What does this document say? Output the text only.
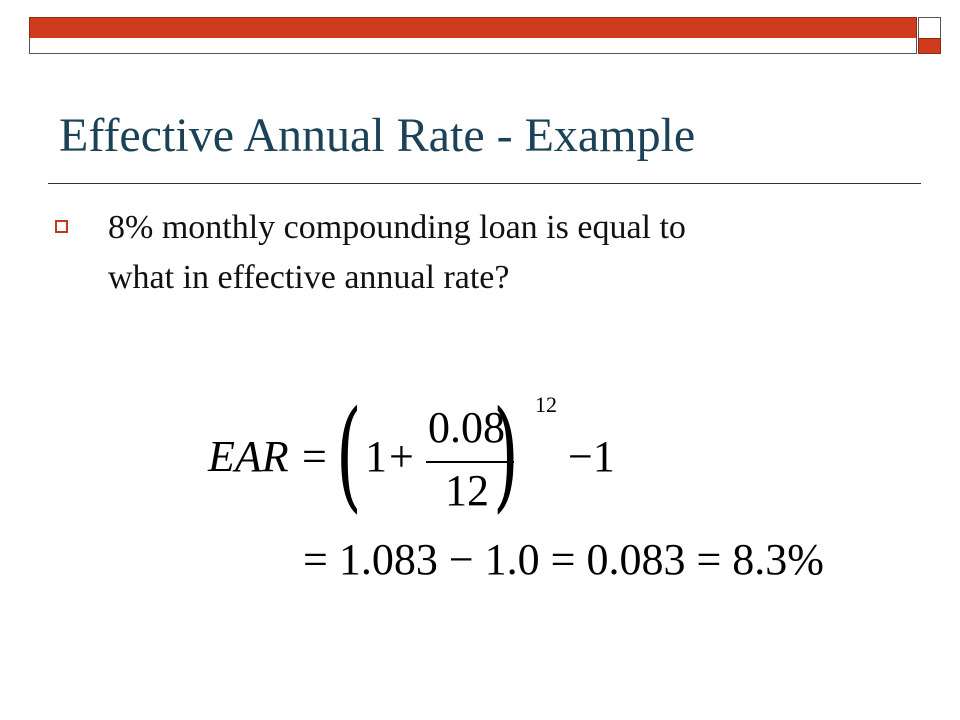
Effective Annual Rate - Example

8% monthly compounding loan is equal to
what in effective annual rate?

EAR = ( 1 +
0.08
12 ) 12
−1
= 1.083 − 1.0 = 0.083 = 8.3%
